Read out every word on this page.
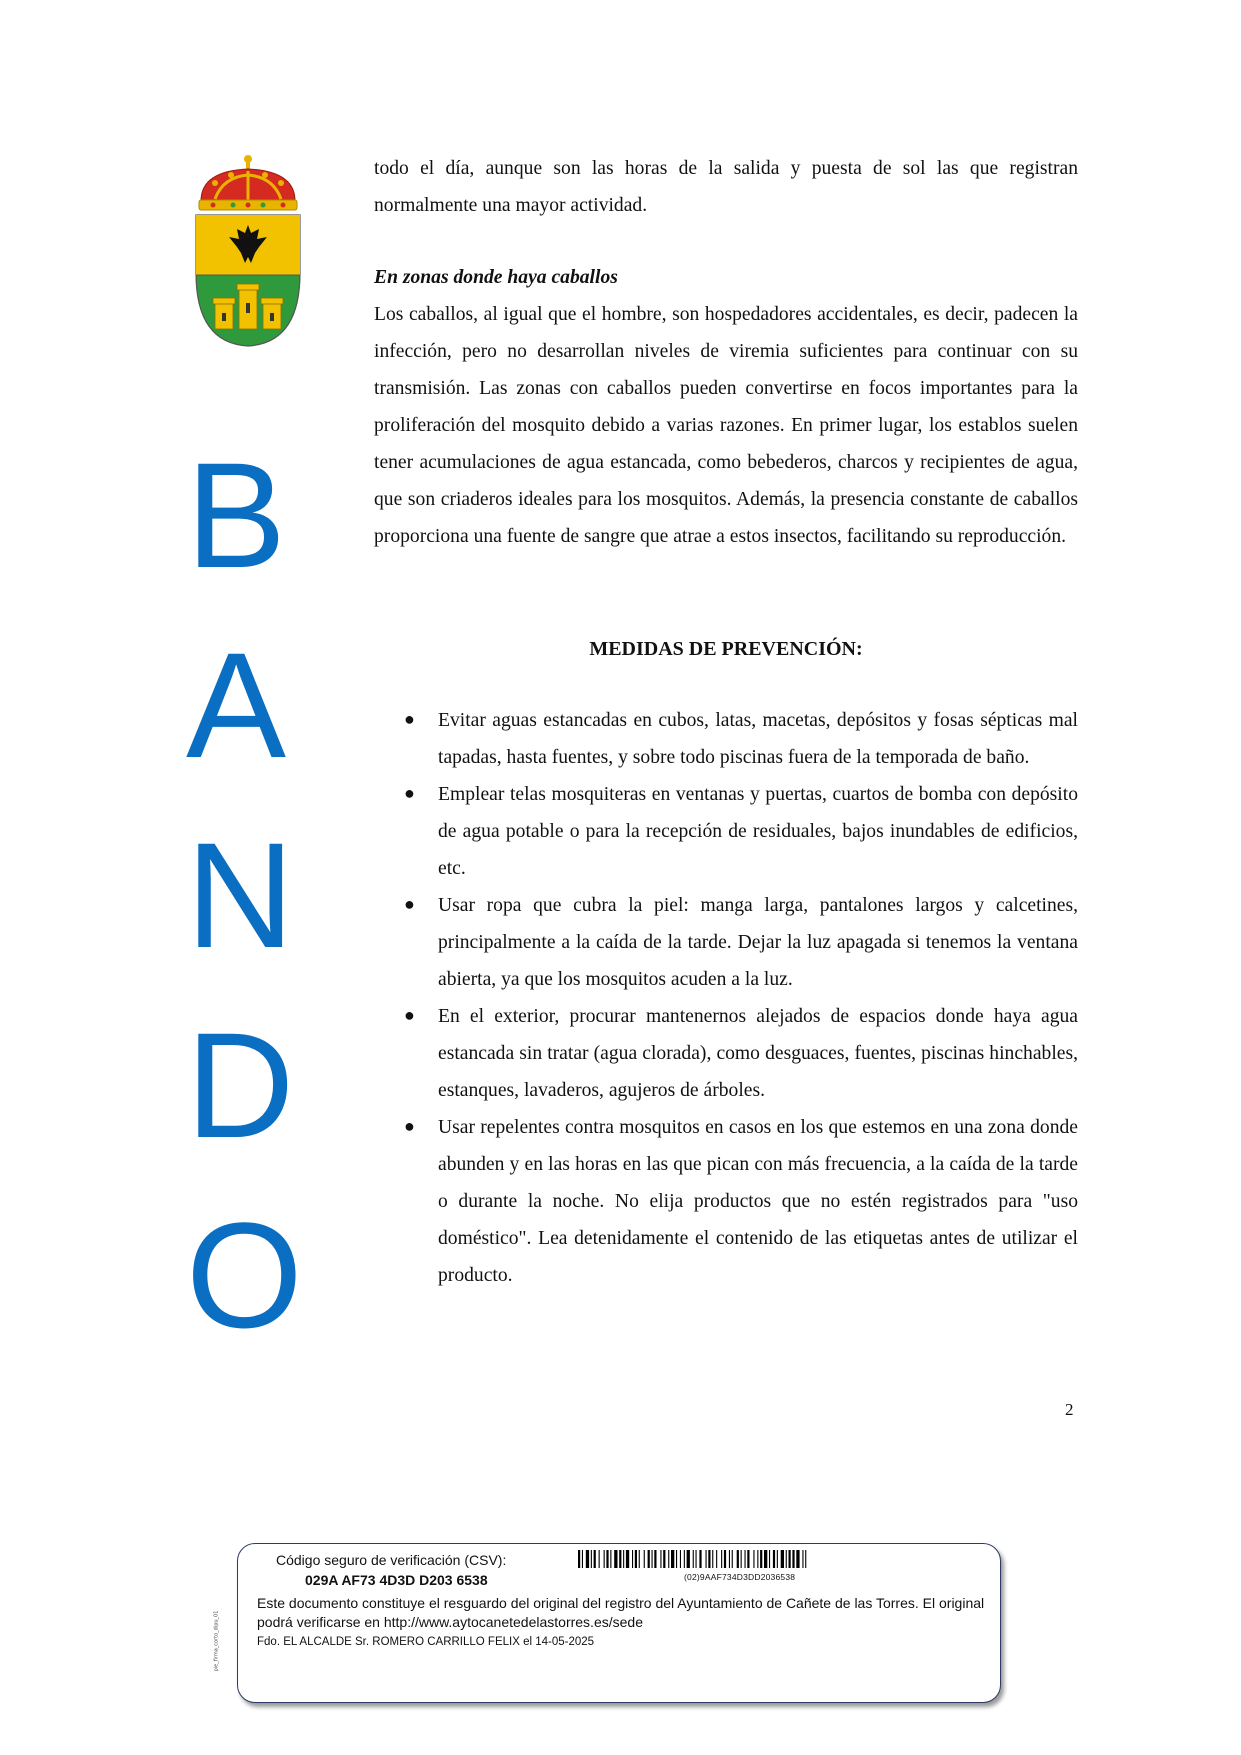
B
A
N
D
O

todo el día, aunque son las horas de la salida y puesta de sol las que registran normalmente una mayor actividad.

En zonas donde haya caballos

Los caballos, al igual que el hombre, son hospedadores accidentales, es decir, padecen la infección, pero no desarrollan niveles de viremia suficientes para continuar con su transmisión. Las zonas con caballos pueden convertirse en focos importantes para la proliferación del mosquito debido a varias razones. En primer lugar, los establos suelen tener acumulaciones de agua estancada, como bebederos, charcos y recipientes de agua, que son criaderos ideales para los mosquitos. Además, la presencia constante de caballos proporciona una fuente de sangre que atrae a estos insectos, facilitando su reproducción.

MEDIDAS DE PREVENCIÓN:

● Evitar aguas estancadas en cubos, latas, macetas, depósitos y fosas sépticas mal tapadas, hasta fuentes, y sobre todo piscinas fuera de la temporada de baño.
● Emplear telas mosquiteras en ventanas y puertas, cuartos de bomba con depósito de agua potable o para la recepción de residuales, bajos inundables de edificios, etc.
● Usar ropa que cubra la piel: manga larga, pantalones largos y calcetines, principalmente a la caída de la tarde. Dejar la luz apagada si tenemos la ventana abierta, ya que los mosquitos acuden a la luz.
● En el exterior, procurar mantenernos alejados de espacios donde haya agua estancada sin tratar (agua clorada), como desguaces, fuentes, piscinas hinchables, estanques, lavaderos, agujeros de árboles.
● Usar repelentes contra mosquitos en casos en los que estemos en una zona donde abunden y en las horas en las que pican con más frecuencia, a la caída de la tarde o durante la noche. No elija productos que no estén registrados para "uso doméstico". Lea detenidamente el contenido de las etiquetas antes de utilizar el producto.
2
pie_firma_corto_dipu_01
Código seguro de verificación (CSV):
029A AF73 4D3D D203 6538	(02)9AAF734D3DD2036538
Este documento constituye el resguardo del original del registro del Ayuntamiento de Cañete de las Torres. El original podrá verificarse en http://www.aytocanetedelastorres.es/sede
Fdo. EL ALCALDE Sr. ROMERO CARRILLO FELIX el 14-05-2025
